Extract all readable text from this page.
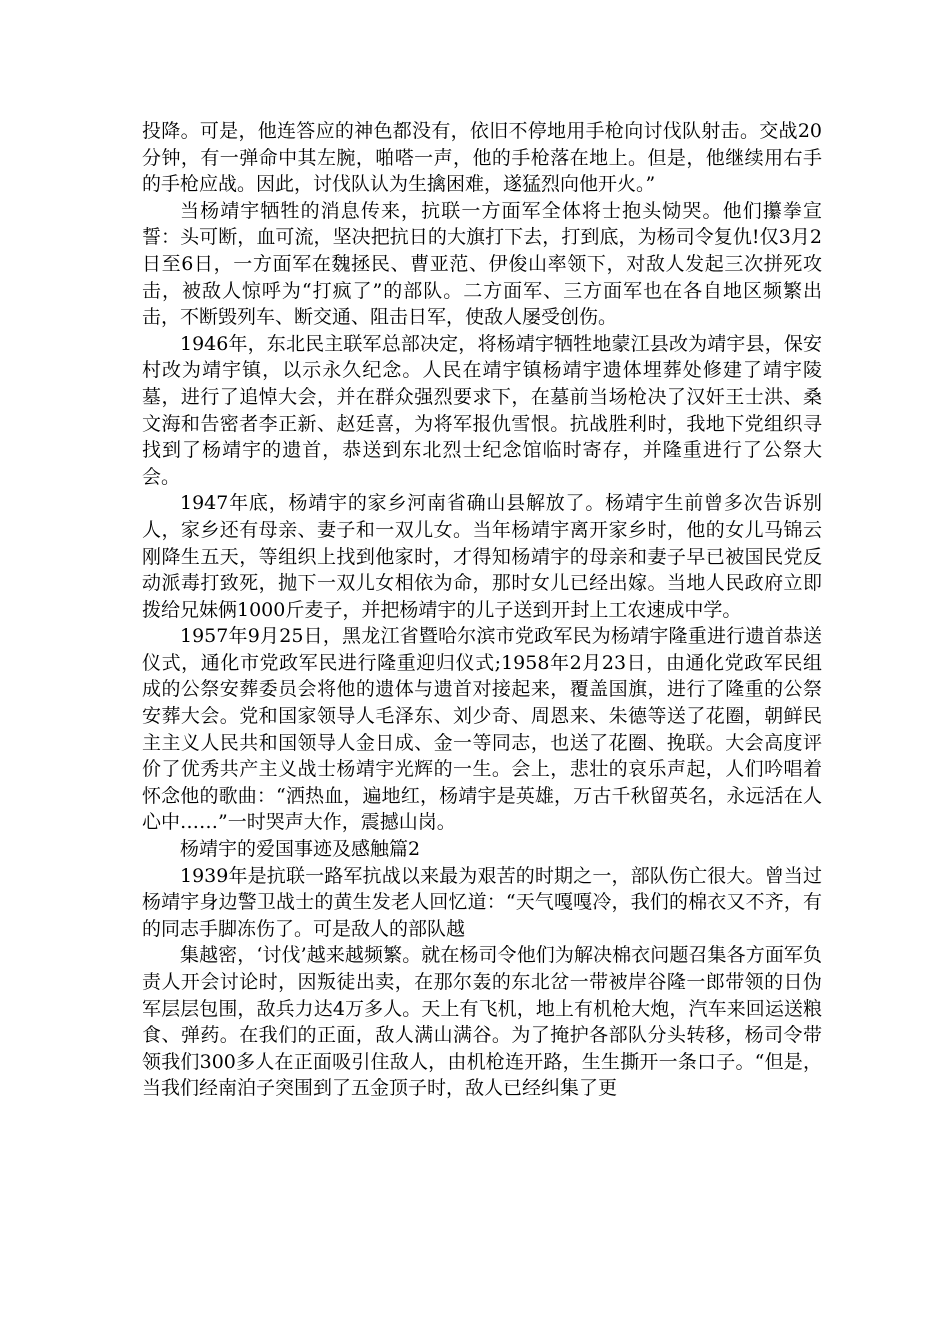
投降。可是，他连答应的神色都没有，依旧不停地用手枪向讨伐队射击。交战20分钟，有一弹命中其左腕，啪嗒一声，他的手枪落在地上。但是，他继续用右手的手枪应战。因此，讨伐队认为生擒困难，遂猛烈向他开火。”

当杨靖宇牺牲的消息传来，抗联一方面军全体将士抱头恸哭。他们攥拳宣誓：头可断，血可流，坚决把抗日的大旗打下去，打到底，为杨司令复仇!仅3月2日至6日，一方面军在魏拯民、曹亚范、伊俊山率领下，对敌人发起三次拼死攻击，被敌人惊呼为“打疯了”的部队。二方面军、三方面军也在各自地区频繁出击，不断毁列车、断交通、阻击日军，使敌人屡受创伤。

1946年，东北民主联军总部决定，将杨靖宇牺牲地蒙江县改为靖宇县，保安村改为靖宇镇，以示永久纪念。人民在靖宇镇杨靖宇遗体埋葬处修建了靖宇陵墓，进行了追悼大会，并在群众强烈要求下，在墓前当场枪决了汉奸王士洪、桑文海和告密者李正新、赵廷喜，为将军报仇雪恨。抗战胜利时，我地下党组织寻找到了杨靖宇的遗首，恭送到东北烈士纪念馆临时寄存，并隆重进行了公祭大会。

1947年底，杨靖宇的家乡河南省确山县解放了。杨靖宇生前曾多次告诉别人，家乡还有母亲、妻子和一双儿女。当年杨靖宇离开家乡时，他的女儿马锦云刚降生五天，等组织上找到他家时，才得知杨靖宇的母亲和妻子早已被国民党反动派毒打致死，抛下一双儿女相依为命，那时女儿已经出嫁。当地人民政府立即拨给兄妹俩1000斤麦子，并把杨靖宇的儿子送到开封上工农速成中学。

1957年9月25日，黑龙江省暨哈尔滨市党政军民为杨靖宇隆重进行遗首恭送仪式，通化市党政军民进行隆重迎归仪式;1958年2月23日，由通化党政军民组成的公祭安葬委员会将他的遗体与遗首对接起来，覆盖国旗，进行了隆重的公祭安葬大会。党和国家领导人毛泽东、刘少奇、周恩来、朱德等送了花圈，朝鲜民主主义人民共和国领导人金日成、金一等同志，也送了花圈、挽联。大会高度评价了优秀共产主义战士杨靖宇光辉的一生。会上，悲壮的哀乐声起，人们吟唱着怀念他的歌曲：“洒热血，遍地红，杨靖宇是英雄，万古千秋留英名，永远活在人心中……”一时哭声大作，震撼山岗。

杨靖宇的爱国事迹及感触篇2

1939年是抗联一路军抗战以来最为艰苦的时期之一，部队伤亡很大。曾当过杨靖宇身边警卫战士的黄生发老人回忆道：“天气嘎嘎冷，我们的棉衣又不齐，有的同志手脚冻伤了。可是敌人的部队越

集越密，‘讨伐’越来越频繁。就在杨司令他们为解决棉衣问题召集各方面军负责人开会讨论时，因叛徒出卖，在那尔轰的东北岔一带被岸谷隆一郎带领的日伪军层层包围，敌兵力达4万多人。天上有飞机，地上有机枪大炮，汽车来回运送粮食、弹药。在我们的正面，敌人满山满谷。为了掩护各部队分头转移，杨司令带领我们300多人在正面吸引住敌人，由机枪连开路，生生撕开一条口子。“但是，当我们经南泊子突围到了五金顶子时，敌人已经纠集了更
